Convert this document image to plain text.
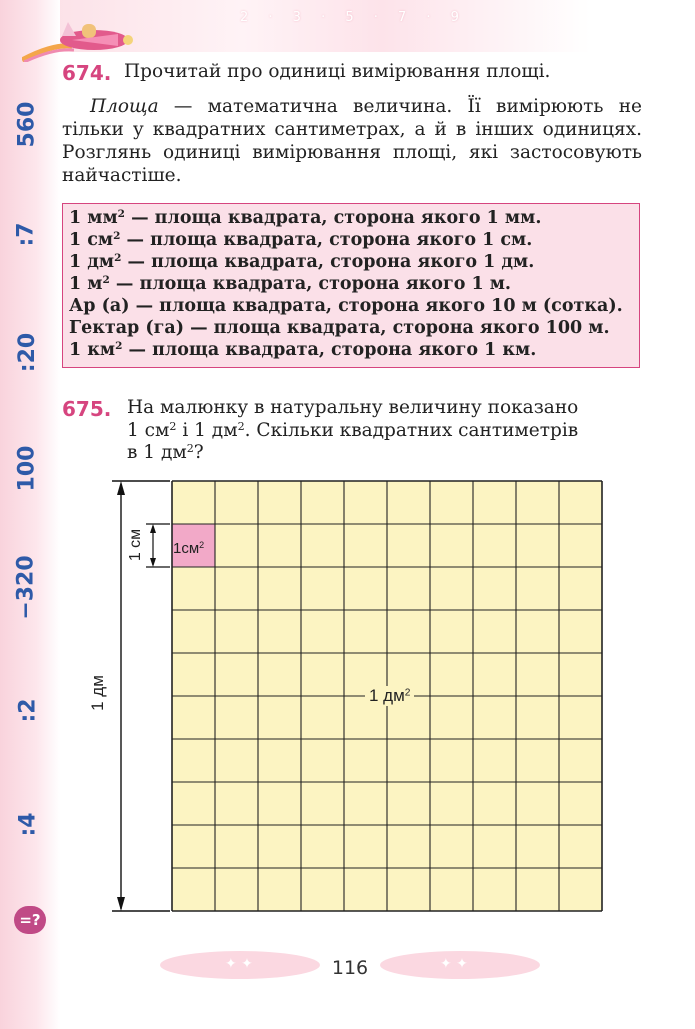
2 · 3 · 5 · 7 · 9
560
:7
:20
100
−320
:2
:4
=?
674. Прочитай про одиниці вимірювання площі.
Площа — математична величина. Її вимірюють не тільки у квадратних сантиметрах, а й в інших одиницях. Розглянь одиниці вимірювання площі, які застосовують найчастіше.
1 $мм^2$ — площа квадрата, сторона якого 1 мм.
1 $см^2$ — площа квадрата, сторона якого 1 см.
1 $дм^2$ — площа квадрата, сторона якого 1 дм.
1 $м^2$ — площа квадрата, сторона якого 1 м.
Ар (а) — площа квадрата, сторона якого 10 м (сотка).
Гектар (га) — площа квадрата, сторона якого 100 м.
1 $км^2$ — площа квадрата, сторона якого 1 км.
675. На малюнку в натуральну величину показано
1 $см^2$ і 1 $дм^2$. Скільки квадратних сантиметрів
в 1 $дм^2$?
1 см
1 дм
$1см^2$
1 $дм^2$
✦ ✦	✦ ✦
116
